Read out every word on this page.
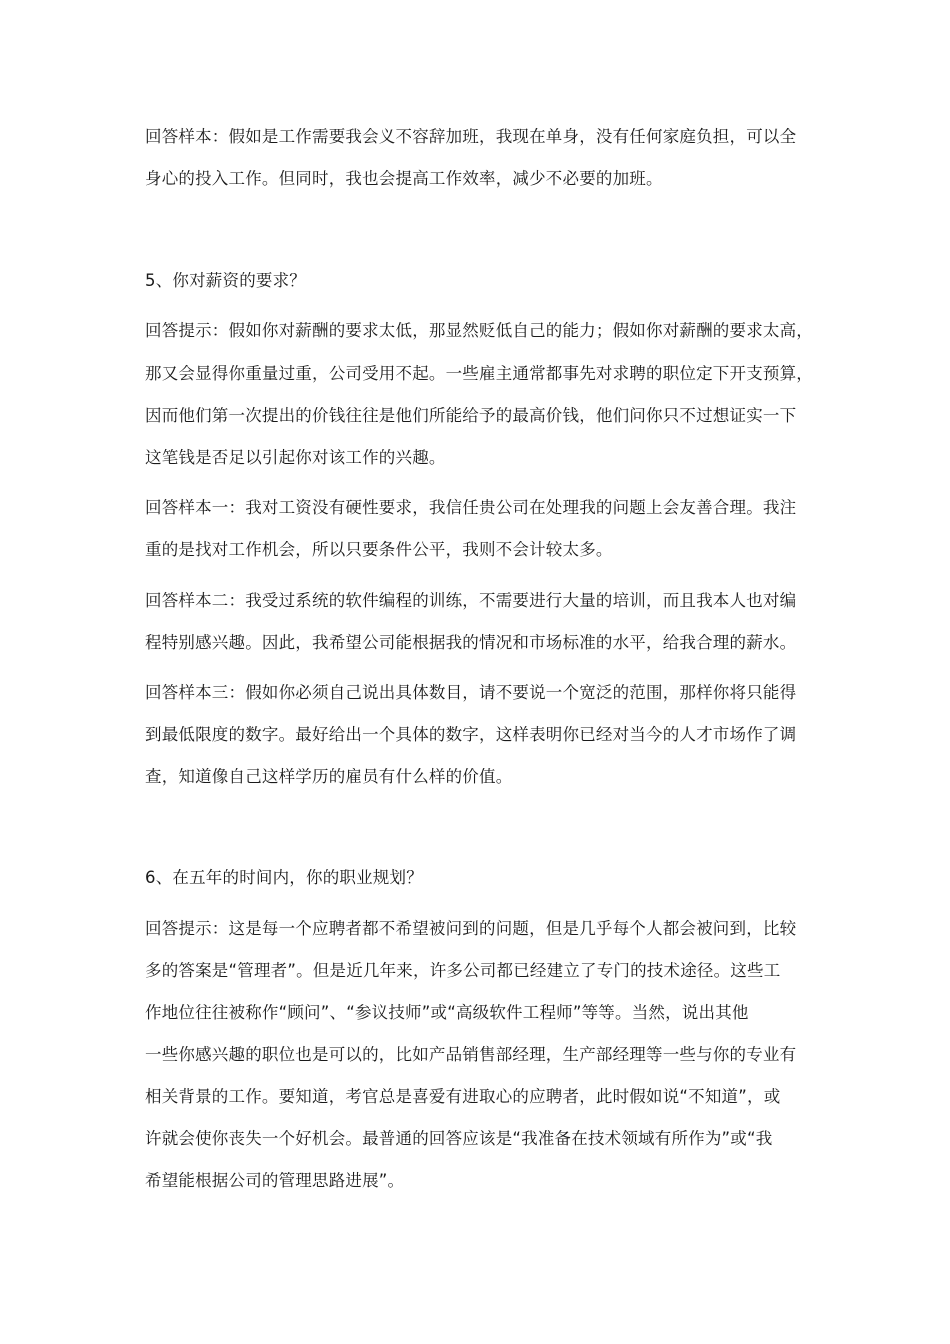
回答样本：假如是工作需要我会义不容辞加班，我现在单身，没有任何家庭负担，可以全
身心的投入工作。但同时，我也会提高工作效率，减少不必要的加班。
5、你对薪资的要求？
回答提示：假如你对薪酬的要求太低，那显然贬低自己的能力；假如你对薪酬的要求太高，
那又会显得你重量过重，公司受用不起。一些雇主通常都事先对求聘的职位定下开支预算，
因而他们第一次提出的价钱往往是他们所能给予的最高价钱，他们问你只不过想证实一下
这笔钱是否足以引起你对该工作的兴趣。
回答样本一：我对工资没有硬性要求，我信任贵公司在处理我的问题上会友善合理。我注
重的是找对工作机会，所以只要条件公平，我则不会计较太多。
回答样本二：我受过系统的软件编程的训练，不需要进行大量的培训，而且我本人也对编
程特别感兴趣。因此，我希望公司能根据我的情况和市场标准的水平，给我合理的薪水。
回答样本三：假如你必须自己说出具体数目，请不要说一个宽泛的范围，那样你将只能得
到最低限度的数字。最好给出一个具体的数字，这样表明你已经对当今的人才市场作了调
查，知道像自己这样学历的雇员有什么样的价值。
6、在五年的时间内，你的职业规划？
回答提示：这是每一个应聘者都不希望被问到的问题，但是几乎每个人都会被问到，比较
多的答案是“管理者”。但是近几年来，许多公司都已经建立了专门的技术途径。这些工
作地位往往被称作“顾问”、“参议技师”或“高级软件工程师”等等。当然，说出其他
一些你感兴趣的职位也是可以的，比如产品销售部经理，生产部经理等一些与你的专业有
相关背景的工作。要知道，考官总是喜爱有进取心的应聘者，此时假如说“不知道”，或
许就会使你丧失一个好机会。最普通的回答应该是“我准备在技术领域有所作为”或“我
希望能根据公司的管理思路进展”。
